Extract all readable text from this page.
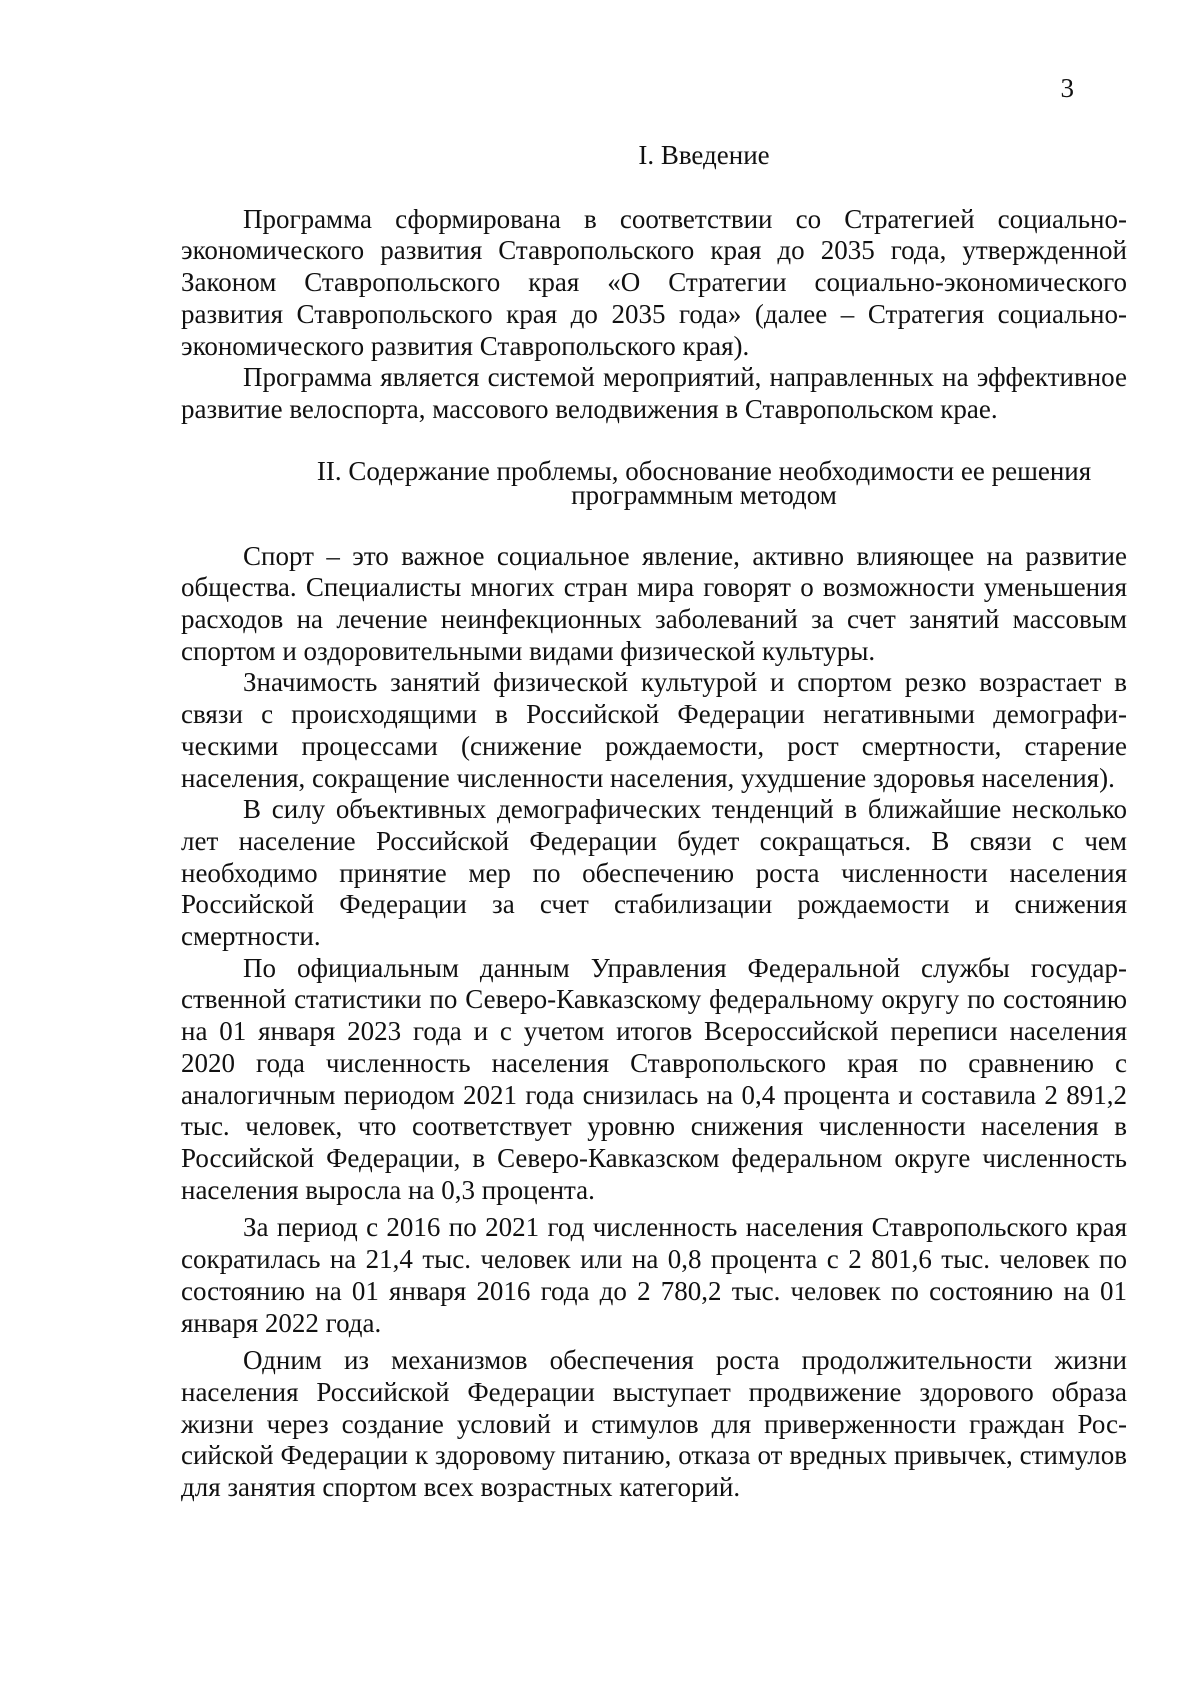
3
I. Введение

Программа сформирована в соответствии со Стратегией социально-экономического развития Ставропольского края до 2035 года, утвержденной Законом Ставропольского края «О Стратегии социально-экономического развития Ставропольского края до 2035 года» (далее – Стратегия социально-экономического развития Ставропольского края).

Программа является системой мероприятий, направленных на эффективное развитие велоспорта, массового велодвижения в Ставропольском крае.

II. Содержание проблемы, обоснование необходимости ее решения
программным методом

Спорт – это важное социальное явление, активно влияющее на развитие общества. Специалисты многих стран мира говорят о возможности уменьшения расходов на лечение неинфекционных заболеваний за счет занятий массовым спортом и оздоровительными видами физической культуры.

Значимость занятий физической культурой и спортом резко возрастает в связи с происходящими в Российской Федерации негативными демографическими процессами (снижение рождаемости, рост смертности, старение населения, сокращение численности населения, ухудшение здоровья населения).

В силу объективных демографических тенденций в ближайшие несколько лет население Российской Федерации будет сокращаться. В связи с чем необходимо принятие мер по обеспечению роста численности населения Российской Федерации за счет стабилизации рождаемости и снижения смертности.

По официальным данным Управления Федеральной службы государственной статистики по Северо-Кавказскому федеральному округу по состоянию на 01 января 2023 года и с учетом итогов Всероссийской переписи населения 2020 года численность населения Ставропольского края по сравнению с аналогичным периодом 2021 года снизилась на 0,4 процента и составила 2 891,2 тыс. человек, что соответствует уровню снижения численности населения в Российской Федерации, в Северо-Кавказском федеральном округе численность населения выросла на 0,3 процента.

За период с 2016 по 2021 год численность населения Ставропольского края сократилась на 21,4 тыс. человек или на 0,8 процента с 2 801,6 тыс. человек по состоянию на 01 января 2016 года до 2 780,2 тыс. человек по состоянию на 01 января 2022 года.

Одним из механизмов обеспечения роста продолжительности жизни населения Российской Федерации выступает продвижение здорового образа жизни через создание условий и стимулов для приверженности граждан Российской Федерации к здоровому питанию, отказа от вредных привычек, стимулов для занятия спортом всех возрастных категорий.
